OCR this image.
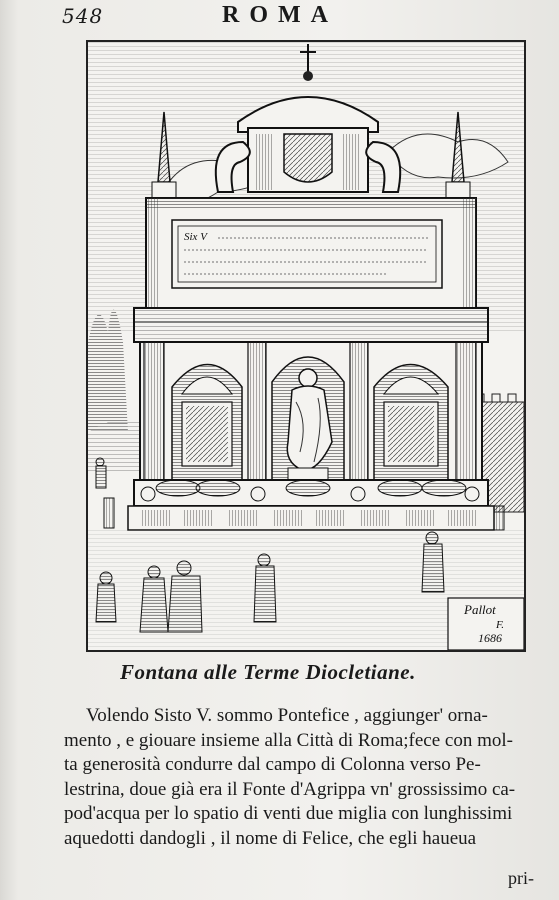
548	ROMA
Six V
Pallot
F.
1686
Fontana alle Terme Diocletiane.

Volendo Sisto V. sommo Pontefice , aggiunger' orna-
mento , e giouare insieme alla Città di Roma;fece con mol-
ta generosità condurre dal campo di Colonna verso Pe-
lestrina, doue già era il Fonte d'Agrippa vn' grossissimo ca-
pod'acqua per lo spatio di venti due miglia con lunghissimi
aquedotti dandogli , il nome di Felice, che egli haueua

pri-
